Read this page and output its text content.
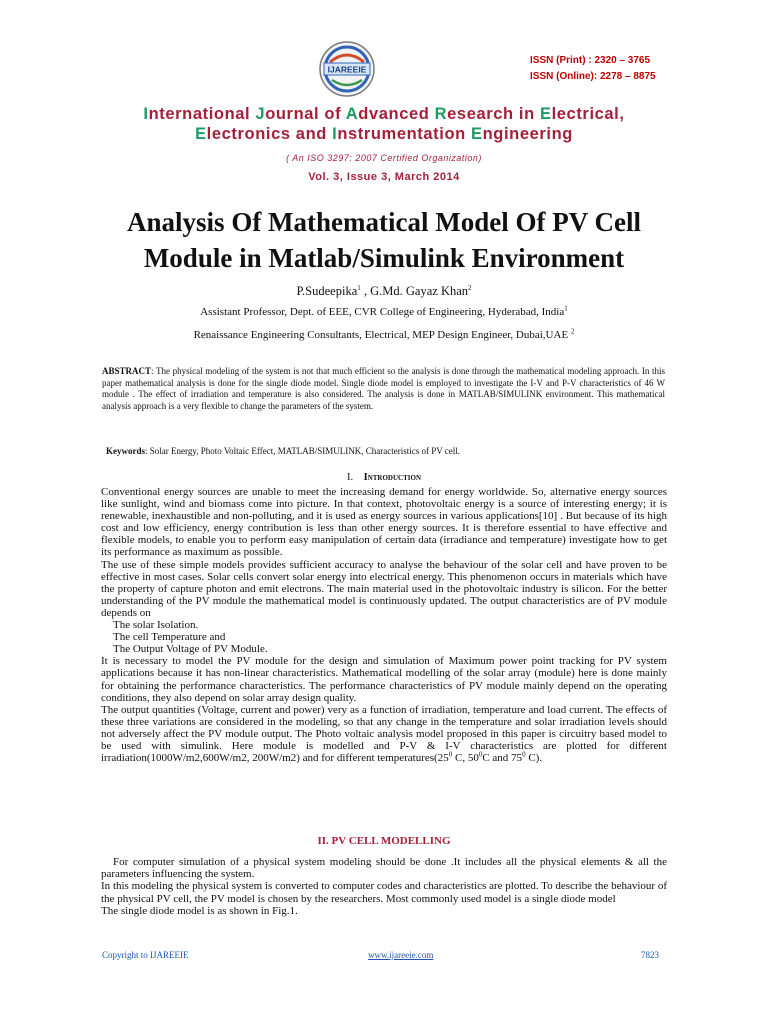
IJAREEIE
ISSN (Print) : 2320 – 3765
ISSN (Online): 2278 – 8875
International Journal of Advanced Research in Electrical,
Electronics and Instrumentation Engineering
( An ISO 3297: 2007 Certified Organization)
Vol. 3, Issue 3, March 2014
Analysis Of Mathematical Model Of PV Cell
Module in Matlab/Simulink Environment
P.Sudeepika$^1$ , G.Md. Gayaz Khan$^2$
Assistant Professor, Dept. of EEE, CVR College of Engineering, Hyderabad, India$^1$
Renaissance Engineering Consultants, Electrical, MEP Design Engineer, Dubai,UAE $^2$
ABSTRACT: The physical modeling of the system is not that much efficient so the analysis is done through the mathematical modeling approach. In this paper mathematical analysis is done for the single diode model. Single diode model is employed to investigate the I-V and P-V characteristics of 46 W module . The effect of irradiation and temperature is also considered. The analysis is done in MATLAB/SIMULINK environment. This mathematical analysis approach is a very flexible to change the parameters of the system.
Keywords: Solar Energy, Photo Voltaic Effect, MATLAB/SIMULINK, Characteristics of PV cell.
I. Introduction

Conventional energy sources are unable to meet the increasing demand for energy worldwide. So, alternative energy sources like sunlight, wind and biomass come into picture. In that context, photovoltaic energy is a source of interesting energy; it is renewable, inexhaustible and non-polluting, and it is used as energy sources in various applications[10] . But because of its high cost and low efficiency, energy contribution is less than other energy sources. It is therefore essential to have effective and flexible models, to enable you to perform easy manipulation of certain data (irradiance and temperature) investigate how to get its performance as maximum as possible.

The use of these simple models provides sufficient accuracy to analyse the behaviour of the solar cell and have proven to be effective in most cases. Solar cells convert solar energy into electrical energy. This phenomenon occurs in materials which have the property of capture photon and emit electrons. The main material used in the photovoltaic industry is silicon. For the better understanding of the PV module the mathematical model is continuously updated. The output characteristics are of PV module depends on

The solar Isolation.

The cell Temperature and

The Output Voltage of PV Module.

It is necessary to model the PV module for the design and simulation of Maximum power point tracking for PV system applications because it has non-linear characteristics. Mathematical modelling of the solar array (module) here is done mainly for obtaining the performance characteristics. The performance characteristics of PV module mainly depend on the operating conditions, they also depend on solar array design quality.

The output quantities (Voltage, current and power) very as a function of irradiation, temperature and load current. The effects of these three variations are considered in the modeling, so that any change in the temperature and solar irradiation levels should not adversely affect the PV module output. The Photo voltaic analysis model proposed in this paper is circuitry based model to be used with simulink. Here module is modelled and P-V & I-V characteristics are plotted for different irradiation(1000W/m2,600W/m2, 200W/m2) and for different $temperatures(25^0$ C, $50^0C$ and $75^0$ C).

II. PV CELL MODELLING

For computer simulation of a physical system modeling should be done .It includes all the physical elements & all the parameters influencing the system.

In this modeling the physical system is converted to computer codes and characteristics are plotted. To describe the behaviour of the physical PV cell, the PV model is chosen by the researchers. Most commonly used model is a single diode model

The single diode model is as shown in Fig.1.

Copyright to IJAREEIE	www.ijareeie.com	7823
